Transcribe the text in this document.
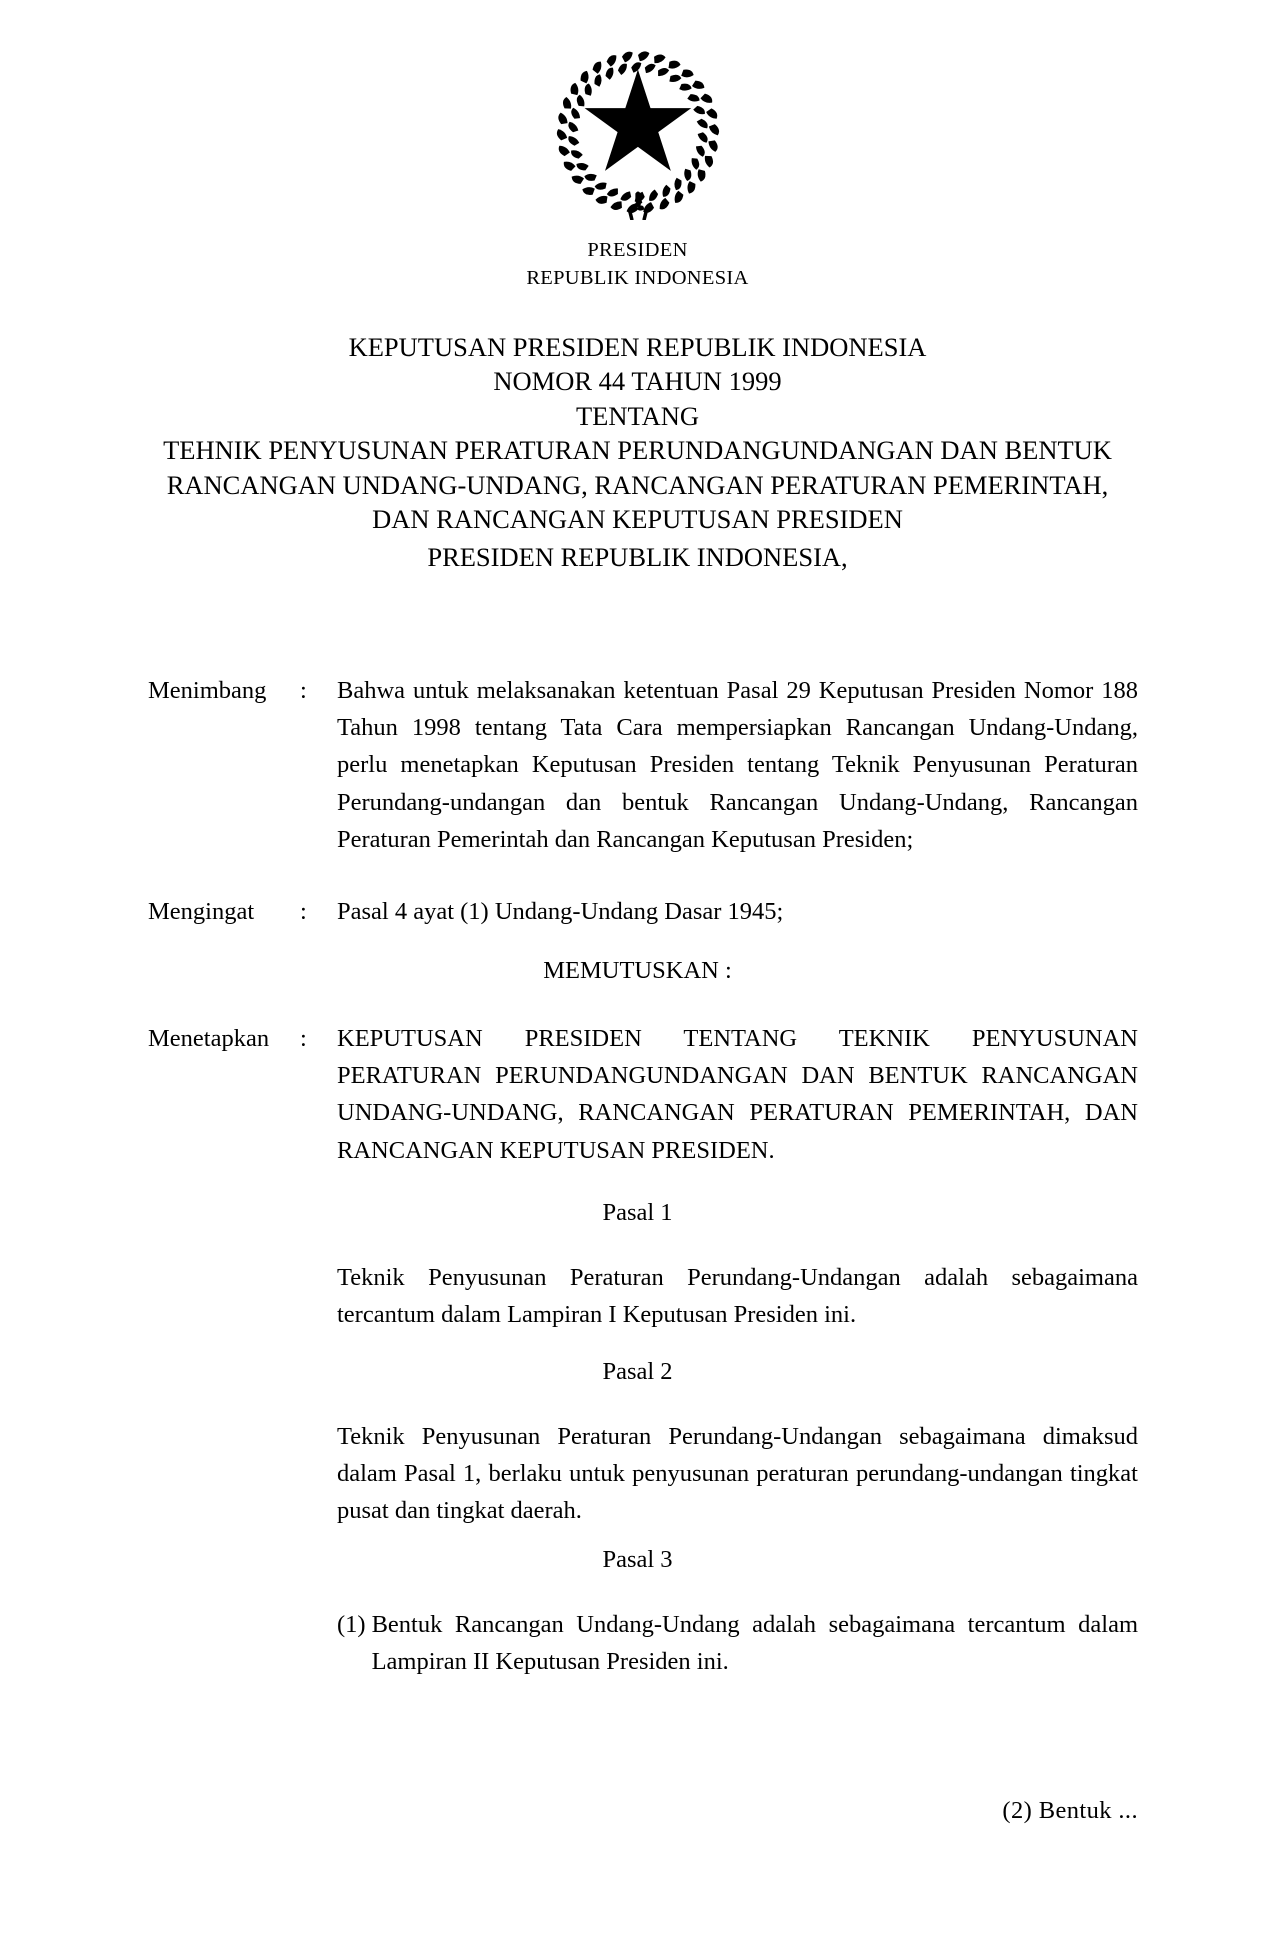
PRESIDEN
REPUBLIK INDONESIA
KEPUTUSAN PRESIDEN REPUBLIK INDONESIA
NOMOR 44 TAHUN 1999
TENTANG
TEHNIK PENYUSUNAN PERATURAN PERUNDANGUNDANGAN DAN BENTUK
RANCANGAN UNDANG-UNDANG, RANCANGAN PERATURAN PEMERINTAH,
DAN RANCANGAN KEPUTUSAN PRESIDEN
PRESIDEN REPUBLIK INDONESIA,
Menimbang	:	Bahwa untuk melaksanakan ketentuan Pasal 29 Keputusan Presiden Nomor 188 Tahun 1998 tentang Tata Cara mempersiapkan Rancangan Undang-Undang, perlu menetapkan Keputusan Presiden tentang Teknik Penyusunan Peraturan Perundang-undangan dan bentuk Rancangan Undang-Undang, Rancangan Peraturan Pemerintah dan Rancangan Keputusan Presiden;
Mengingat	:	Pasal 4 ayat (1) Undang-Undang Dasar 1945;
MEMUTUSKAN :
Menetapkan	:	KEPUTUSAN PRESIDEN TENTANG TEKNIK PENYUSUNAN PERATURAN PERUNDANGUNDANGAN DAN BENTUK RANCANGAN UNDANG-UNDANG, RANCANGAN PERATURAN PEMERINTAH, DAN RANCANGAN KEPUTUSAN PRESIDEN.
Pasal 1
Teknik Penyusunan Peraturan Perundang-Undangan adalah sebagaimana tercantum dalam Lampiran I Keputusan Presiden ini.
Pasal 2
Teknik Penyusunan Peraturan Perundang-Undangan sebagaimana dimaksud dalam Pasal 1, berlaku untuk penyusunan peraturan perundang-undangan tingkat pusat dan tingkat daerah.
Pasal 3
(1) Bentuk Rancangan Undang-Undang adalah sebagaimana tercantum dalam Lampiran II Keputusan Presiden ini.
(2) Bentuk ...
